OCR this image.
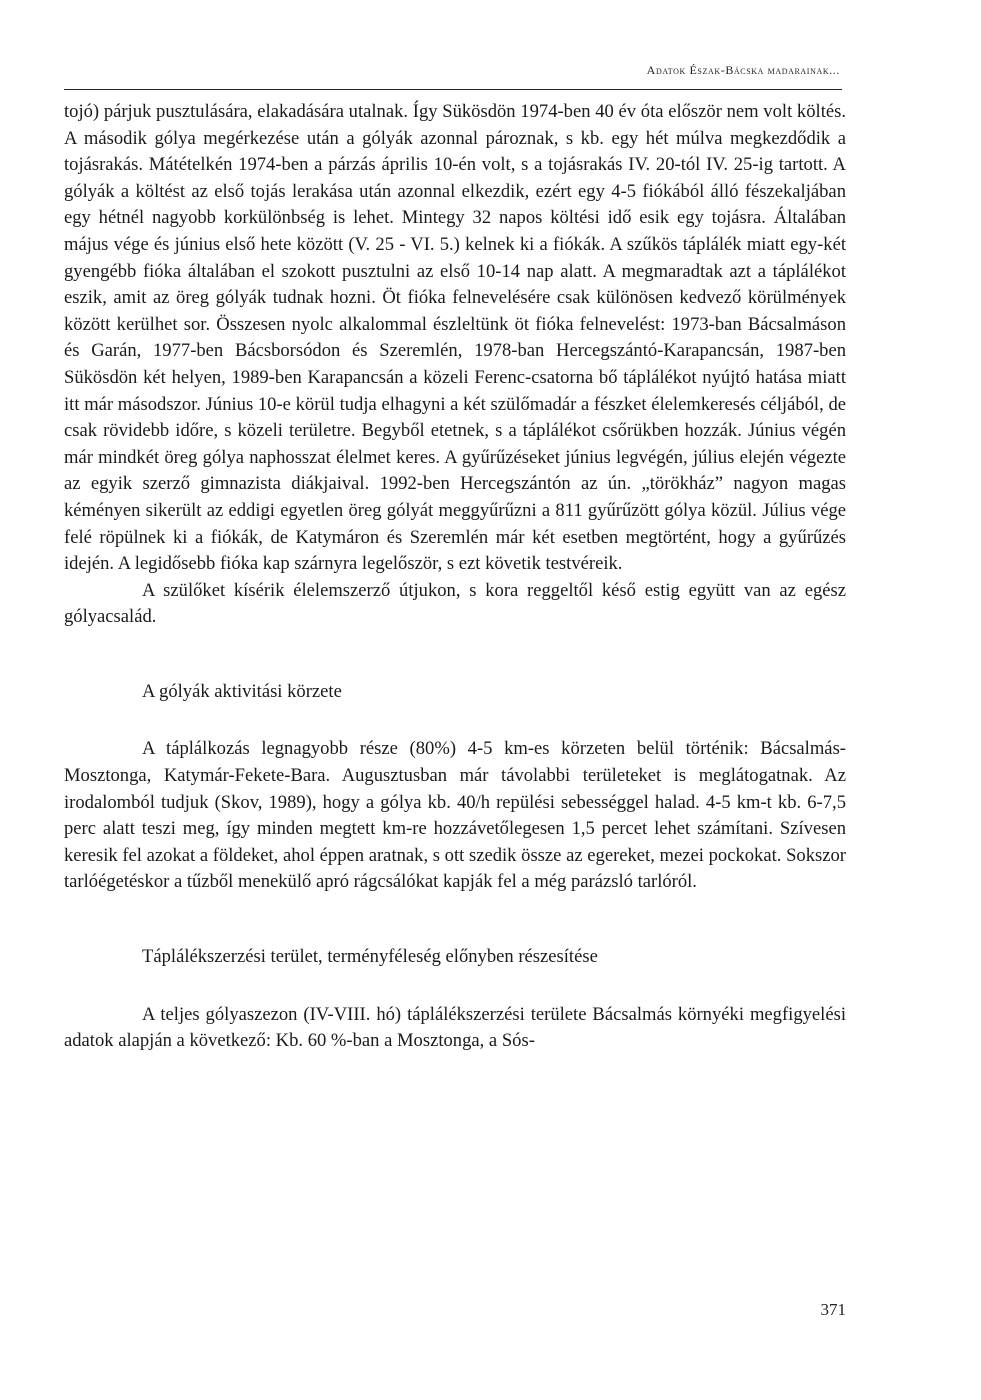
Adatok Észak-Bácska madarainak...

tojó) párjuk pusztulására, elakadására utalnak. Így Sükösdön 1974-ben 40 év óta először nem volt költés. A második gólya megérkezése után a gólyák azonnal pároznak, s kb. egy hét múlva megkezdődik a tojásrakás. Mátételkén 1974-ben a párzás április 10-én volt, s a tojásrakás IV. 20-tól IV. 25-ig tartott. A gólyák a költést az első tojás lerakása után azonnal elkezdik, ezért egy 4-5 fiókából álló fészekaljában egy hétnél nagyobb korkülönbség is lehet. Mintegy 32 napos költési idő esik egy tojásra. Általában május vége és június első hete között (V. 25 - VI. 5.) kelnek ki a fiókák. A szűkös táplálék miatt egy-két gyengébb fióka általában el szokott pusztulni az első 10-14 nap alatt. A megmaradtak azt a táplálékot eszik, amit az öreg gólyák tudnak hozni. Öt fióka felnevelésére csak különösen kedvező körülmények között kerülhet sor. Összesen nyolc alkalommal észleltünk öt fióka felnevelést: 1973-ban Bácsalmáson és Garán, 1977-ben Bácsborsódon és Szeremlén, 1978-ban Hercegszántó-Karapancsán, 1987-ben Sükösdön két helyen, 1989-ben Karapancsán a közeli Ferenc-csatorna bő táplálékot nyújtó hatása miatt itt már másodszor. Június 10-e körül tudja elhagyni a két szülőmadár a fészket élelemkeresés céljából, de csak rövidebb időre, s közeli területre. Begyből etetnek, s a táplálékot csőrükben hozzák. Június végén már mindkét öreg gólya naphosszat élelmet keres. A gyűrűzéseket június legvégén, július elején végezte az egyik szerző gimnazista diákjaival. 1992-ben Hercegszántón az ún. „törökház” nagyon magas kéményen sikerült az eddigi egyetlen öreg gólyát meggyűrűzni a 811 gyűrűzött gólya közül. Július vége felé röpülnek ki a fiókák, de Katymáron és Szeremlén már két esetben megtörtént, hogy a gyűrűzés idején. A legidősebb fióka kap szárnyra legelőször, s ezt követik testvéreik.

A szülőket kísérik élelemszerző útjukon, s kora reggeltől késő estig együtt van az egész gólyacsalád.

A gólyák aktivitási körzete

A táplálkozás legnagyobb része (80%) 4-5 km-es körzeten belül történik: Bácsalmás-Mosztonga, Katymár-Fekete-Bara. Augusztusban már távolabbi területeket is meglátogatnak. Az irodalomból tudjuk (Skov, 1989), hogy a gólya kb. 40/h repülési sebességgel halad. 4-5 km-t kb. 6-7,5 perc alatt teszi meg, így minden megtett km-re hozzávetőlegesen 1,5 percet lehet számítani. Szívesen keresik fel azokat a földeket, ahol éppen aratnak, s ott szedik össze az egereket, mezei pockokat. Sokszor tarlóégetéskor a tűzből menekülő apró rágcsálókat kapják fel a még parázsló tarlóról.

Táplálékszerzési terület, terményféleség előnyben részesítése

A teljes gólyaszezon (IV-VIII. hó) táplálékszerzési területe Bácsalmás környéki megfigyelési adatok alapján a következő: Kb. 60 %-ban a Mosztonga, a Sós-

371
